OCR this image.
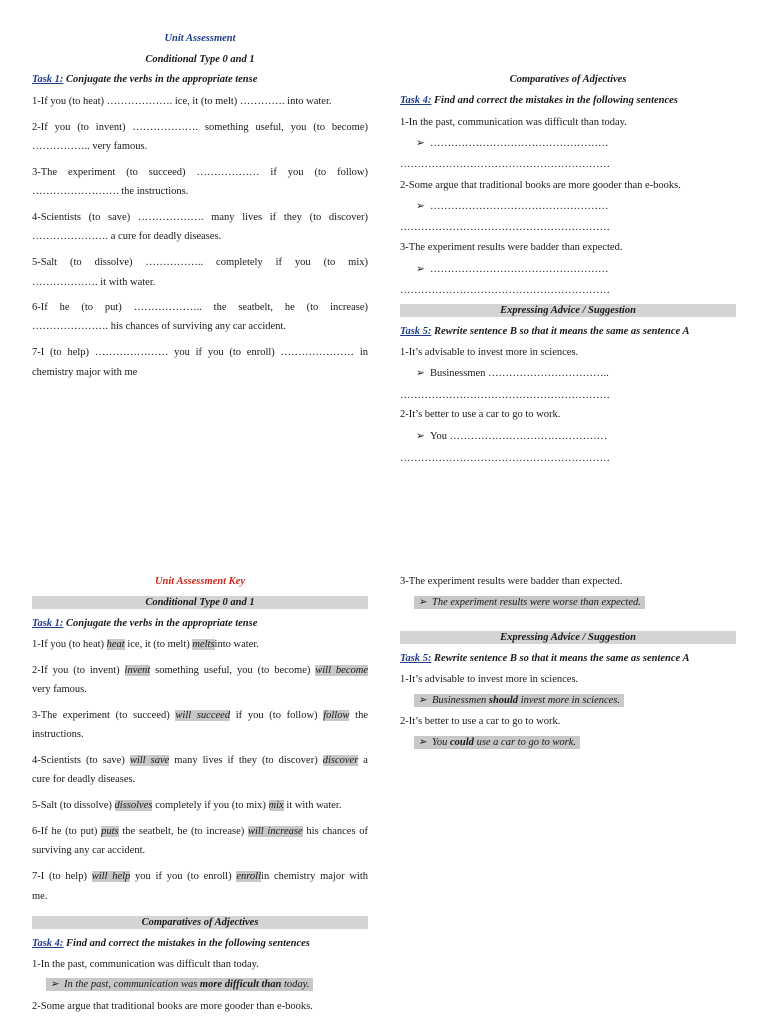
Unit Assessment
Conditional Type 0 and 1
Task 1: Conjugate the verbs in the appropriate tense
1-If you (to heat) ………………. ice, it (to melt) …………. into water.
2-If you (to invent) ………………. something useful, you (to become)
…………….. very famous.
3-The experiment (to succeed) ……………… if you (to follow)
……………………. the instructions.
4-Scientists (to save) ………………. many lives if they (to discover)
…………………. a cure for deadly diseases.
5-Salt (to dissolve) …………….. completely if you (to mix)
………………. it with water.
6-If he (to put) ……………….. the seatbelt, he (to increase)
…………………. his chances of surviving any car accident.
7-I (to help) ………………… you if you (to enroll) ………………… in
chemistry major with me
Comparatives of Adjectives
Task 4: Find and correct the mistakes in the following sentences
1-In the past, communication was difficult than today.
➢ ……………………………………………
……………………………………………………
2-Some argue that traditional books are more gooder than e-books.
➢ ……………………………………………
……………………………………………………
3-The experiment results were badder than expected.
➢ ……………………………………………
……………………………………………………
Expressing Advice / Suggestion
Task 5: Rewrite sentence B so that it means the same as sentence A
1-It’s advisable to invest more in sciences.
➢ Businessmen ……………………………..
……………………………………………………
2-It’s better to use a car to go to work.
➢ You ………………………………………
……………………………………………………
Unit Assessment Key
Conditional Type 0 and 1
Task 1: Conjugate the verbs in the appropriate tense
1-If you (to heat) heat ice, it (to melt) meltsinto water.
2-If you (to invent) invent something useful, you (to become) will become
very famous.
3-The experiment (to succeed) will succeed if you (to follow) follow the
instructions.
4-Scientists (to save) will save many lives if they (to discover) discover a
cure for deadly diseases.
5-Salt (to dissolve) dissolves completely if you (to mix) mix it with water.
6-If he (to put) puts the seatbelt, he (to increase) will increase his chances of
surviving any car accident.
7-I (to help) will help you if you (to enroll) enrollin chemistry major with
me.
Comparatives of Adjectives
Task 4: Find and correct the mistakes in the following sentences
1-In the past, communication was difficult than today.
➢ In the past, communication was more difficult than today.
2-Some argue that traditional books are more gooder than e-books.
3-The experiment results were badder than expected.
➢ The experiment results were worse than expected.
Expressing Advice / Suggestion
Task 5: Rewrite sentence B so that it means the same as sentence A
1-It’s advisable to invest more in sciences.
➢ Businessmen should invest more in sciences.
2-It’s better to use a car to go to work.
➢ You could use a car to go to work.
